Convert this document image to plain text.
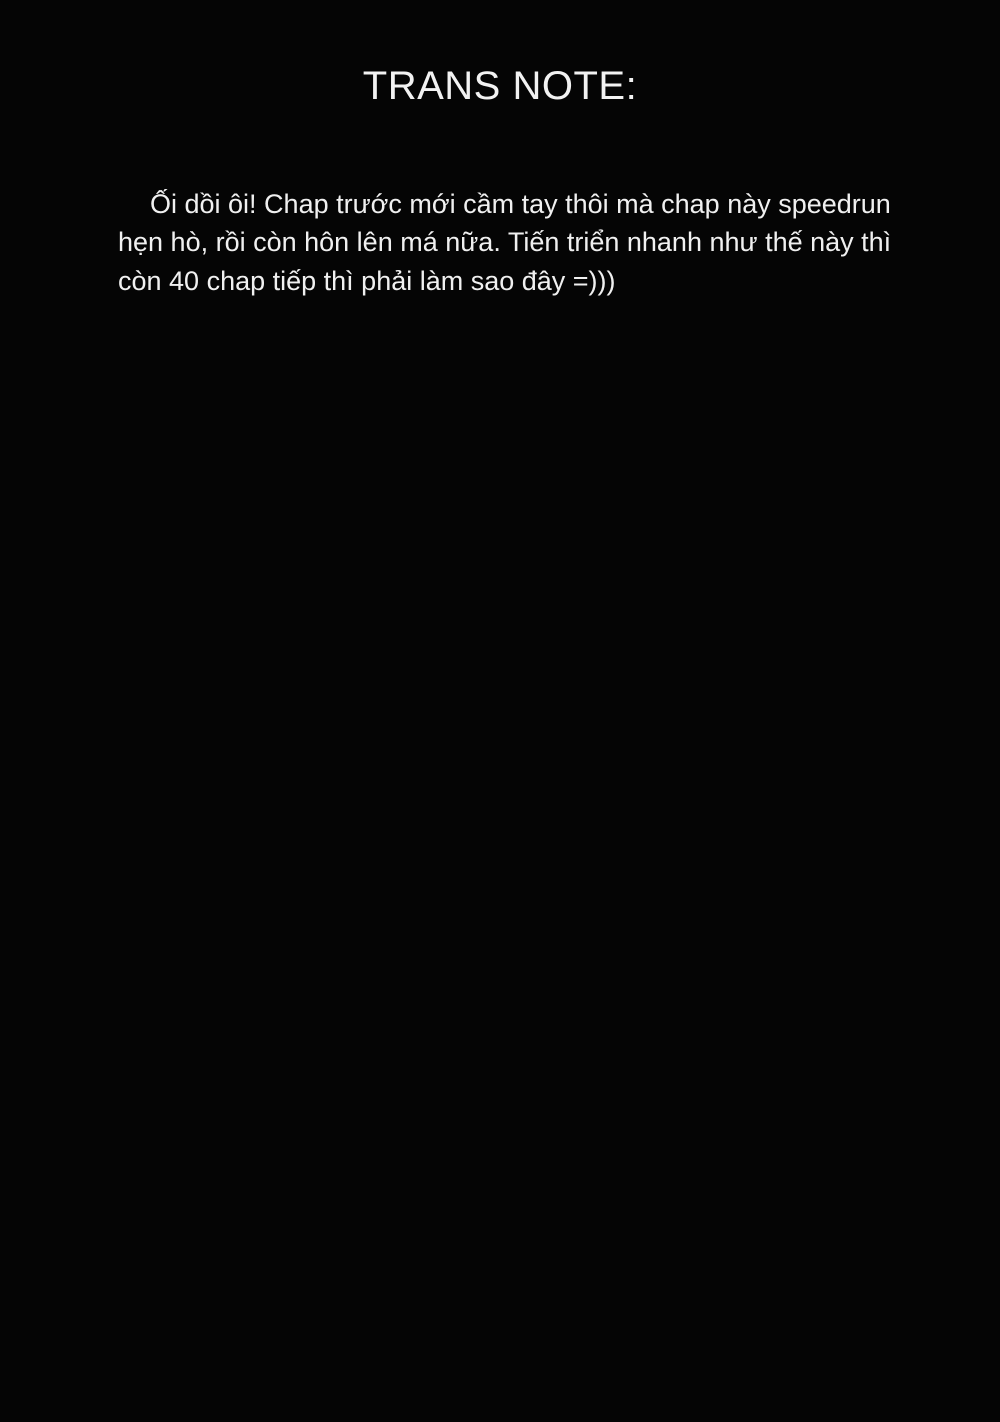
TRANS NOTE:
Ối dồi ôi! Chap trước mới cầm tay thôi mà chap này speedrun hẹn hò, rồi còn hôn lên má nữa. Tiến triển nhanh như thế này thì còn 40 chap tiếp thì phải làm sao đây =)))
